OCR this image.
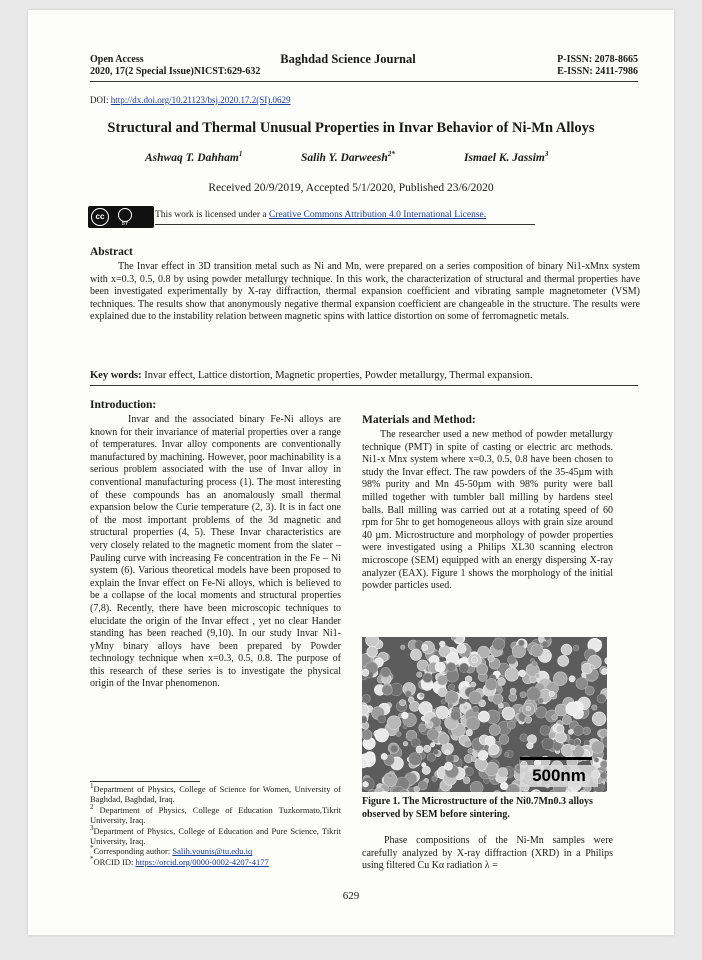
Open Access
2020, 17(2 Special Issue)NICST:629-632
Baghdad Science Journal	P-ISSN: 2078-8665
E-ISSN: 2411-7986
DOI: http://dx.doi.org/10.21123/bsj.2020.17.2(SI).0629
Structural and Thermal Unusual Properties in Invar Behavior of Ni-Mn Alloys
Ashwaq T. Dahham$^1$	Salih Y. Darweesh$^{2*}$	Ismael K. Jassim$^3$
Received 20/9/2019, Accepted 5/1/2020, Published 23/6/2020
cc
BY
This work is licensed under a Creative Commons Attribution 4.0 International License.
Abstract
The Invar effect in 3D transition metal such as Ni and Mn, were prepared on a series composition of binary Ni1-xMnx system with x=0.3, 0.5, 0.8 by using powder metallurgy technique. In this work, the characterization of structural and thermal properties have been investigated experimentally by X-ray diffraction, thermal expansion coefficient and vibrating sample magnetometer (VSM) techniques. The results show that anonymously negative thermal expansion coefficient are changeable in the structure. The results were explained due to the instability relation between magnetic spins with lattice distortion on some of ferromagnetic metals.
Key words: Invar effect, Lattice distortion, Magnetic properties, Powder metallurgy, Thermal expansion.
Introduction:
Invar and the associated binary Fe-Ni alloys are known for their invariance of material properties over a range of temperatures. Invar alloy components are conventionally manufactured by machining. However, poor machinability is a serious problem associated with the use of Invar alloy in conventional manufacturing process (1). The most interesting of these compounds has an anomalously small thermal expansion below the Curie temperature (2, 3). It is in fact one of the most important problems of the 3d magnetic and structural properties (4, 5). These Invar characteristics are very closely related to the magnetic moment from the slater –Pauling curve with increasing Fe concentration in the Fe – Ni system (6). Various theoretical models have been proposed to explain the Invar effect on Fe-Ni alloys, which is believed to be a collapse of the local moments and structural properties (7,8). Recently, there have been microscopic techniques to elucidate the origin of the Invar effect , yet no clear Hander standing has been reached (9,10). In our study Invar Ni1-yMny binary alloys have been prepared by Powder technology technique when x=0.3, 0.5, 0.8. The purpose of this research of these series is to investigate the physical origin of the Invar phenomenon.
$^1$Department of Physics, College of Science for Women, University of Baghdad, Baghdad, Iraq.
$^2$ Department of Physics, College of Education Tuzkormato,Tikrit University, Iraq.
$^3$Department of Physics, College of Education and Pure Science, Tikrit University, Iraq.
*Corresponding author: Salih.younis@tu.edu.iq
*ORCID ID: https://orcid.org/0000-0002-4207-4177
Materials and Method:
The researcher used a new method of powder metallurgy technique (PMT) in spite of casting or electric arc methods. Ni1-x Mnx system where x=0.3, 0.5, 0.8 have been chosen to study the Invar effect. The raw powders of the 35-45µm with 98% purity and Mn 45-50µm with 98% purity were ball milled together with tumbler ball milling by hardens steel balls. Ball milling was carried out at a rotating speed of 60 rpm for 5hr to get homogeneous alloys with grain size around 40 µm. Microstructure and morphology of powder properties were investigated using a Philips XL30 scanning electron microscope (SEM) equipped with an energy dispersing X-ray analyzer (EAX). Figure 1 shows the morphology of the initial powder particles used.
500nm
Figure 1. The Microstructure of the Ni0.7Mn0.3 alloys observed by SEM before sintering.
Phase compositions of the Ni-Mn samples were carefully analyzed by X-ray diffraction (XRD) in a Philips using filtered Cu Kα radiation λ =
629
